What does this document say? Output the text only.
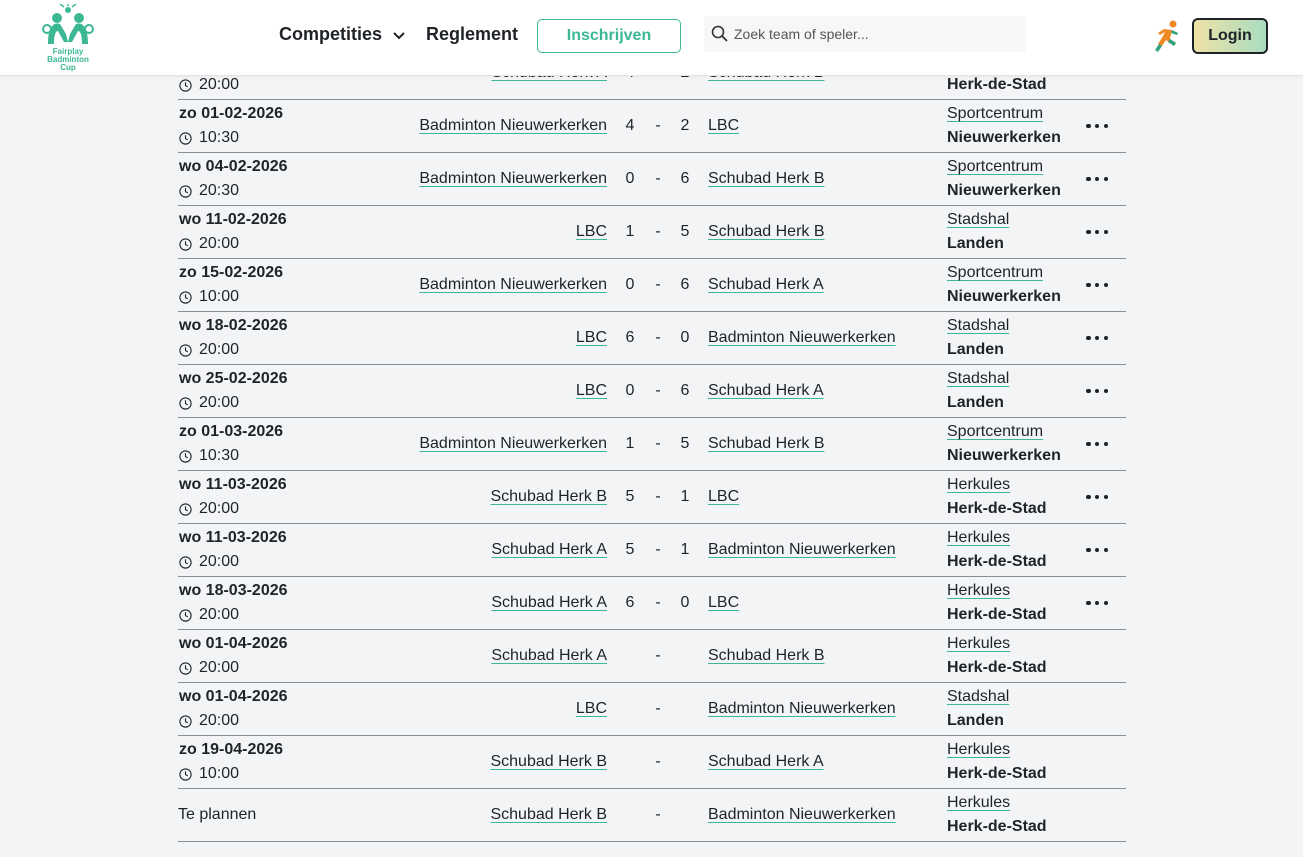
20:00	Herk-de-Stad
zo 01-02-2026
10:30
Badminton Nieuwerkerken 4 - 2 LBC
Sportcentrum
Nieuwerkerken
wo 04-02-2026
20:30
Badminton Nieuwerkerken 0 - 6 Schubad Herk B
Sportcentrum
Nieuwerkerken
wo 11-02-2026
20:00
LBC 1 - 5 Schubad Herk B
Stadshal
Landen
zo 15-02-2026
10:00
Badminton Nieuwerkerken 0 - 6 Schubad Herk A
Sportcentrum
Nieuwerkerken
wo 18-02-2026
20:00
LBC 6 - 0 Badminton Nieuwerkerken
Stadshal
Landen
wo 25-02-2026
20:00
LBC 0 - 6 Schubad Herk A
Stadshal
Landen
zo 01-03-2026
10:30
Badminton Nieuwerkerken 1 - 5 Schubad Herk B
Sportcentrum
Nieuwerkerken
wo 11-03-2026
20:00
Schubad Herk B 5 - 1 LBC
Herkules
Herk-de-Stad
wo 11-03-2026
20:00
Schubad Herk A 5 - 1 Badminton Nieuwerkerken
Herkules
Herk-de-Stad
wo 18-03-2026
20:00
Schubad Herk A 6 - 0 LBC
Herkules
Herk-de-Stad
wo 01-04-2026
20:00
Schubad Herk A	-	Schubad Herk B
Herkules
Herk-de-Stad
wo 01-04-2026
20:00
LBC	-	Badminton Nieuwerkerken
Stadshal
Landen
zo 19-04-2026
10:00
Schubad Herk B	-	Schubad Herk A
Herkules
Herk-de-Stad
Te plannen	Schubad Herk B	-	Badminton Nieuwerkerken
Herkules
Herk-de-Stad
Fairplay
Badminton
Cup
Competities	Reglement	Inschrijven
Zoek team of speler...	Login
